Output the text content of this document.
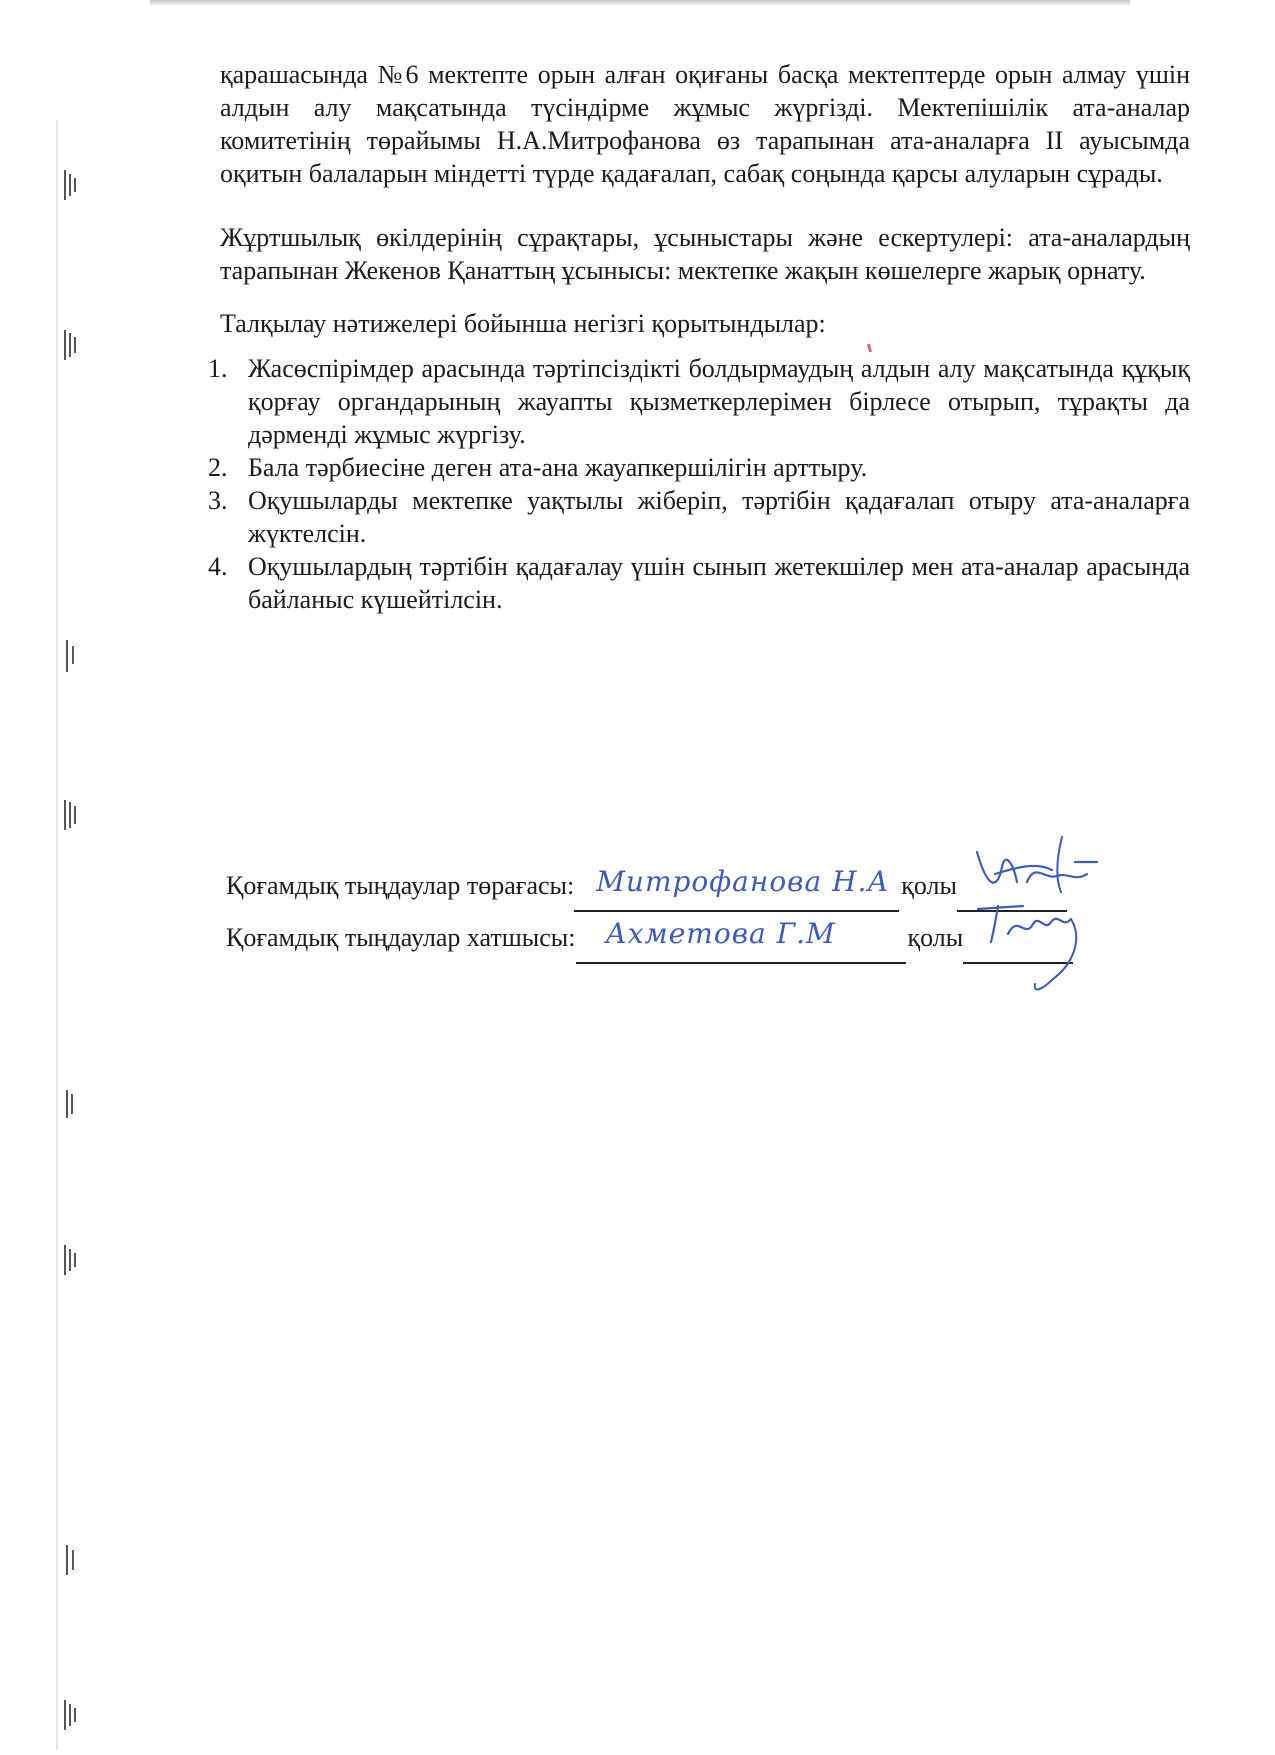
қарашасында №6 мектепте орын алған оқиғаны басқа мектептерде орын алмау үшін алдын алу мақсатында түсіндірме жұмыс жүргізді. Мектепішілік ата-аналар комитетінің төрайымы Н.А.Митрофанова өз тарапынан ата-аналарға ІІ ауысымда оқитын балаларын міндетті түрде қадағалап, сабақ соңында қарсы алуларын сұрады.

Жұртшылық өкілдерінің сұрақтары, ұсыныстары және ескертулері: ата-аналардың тарапынан Жекенов Қанаттың ұсынысы: мектепке жақын көшелерге жарық орнату.

Талқылау нәтижелері бойынша негізгі қорытындылар:

1. Жасөспірімдер арасында тәртіпсіздікті болдырмаудың алдын алу мақсатында құқық қорғау органдарының жауапты қызметкерлерімен бірлесе отырып, тұрақты да дәрменді жұмыс жүргізу.
2. Бала тәрбиесіне деген ата-ана жауапкершілігін арттыру.
3. Оқушыларды мектепке уақтылы жіберіп, тәртібін қадағалап отыру ата-аналарға жүктелсін.
4. Оқушылардың тәртібін қадағалау үшін сынып жетекшілер мен ата-аналар арасында байланыс күшейтілсін.
Қоғамдық тыңдаулар төрағасы: Митрофанова Н.А қолы
Қоғамдық тыңдаулар хатшысы: Ахметова Г.М	қолы
